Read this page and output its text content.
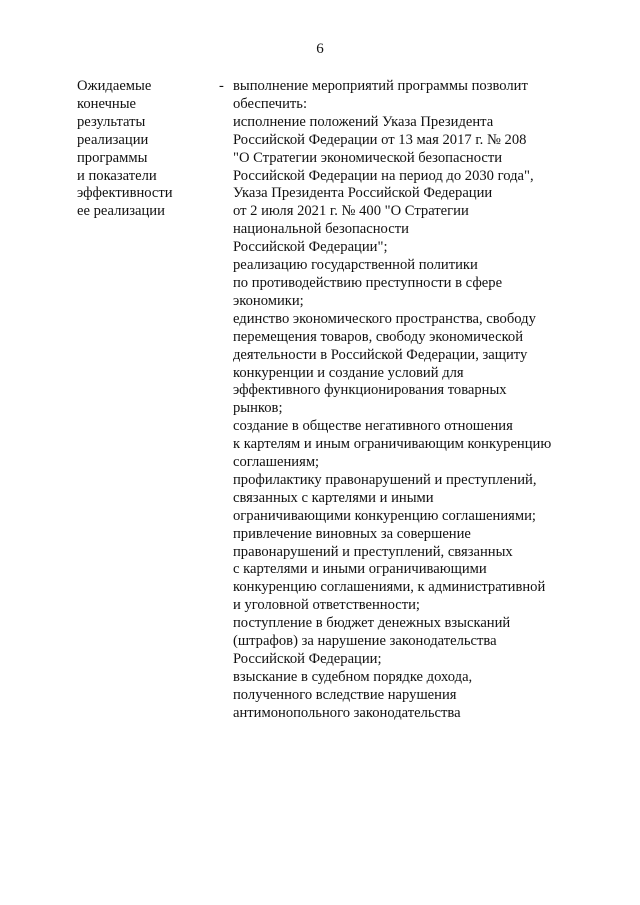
6
Ожидаемые
конечные
результаты
реализации
программы
и показатели
эффективности
ее реализации
- выполнение мероприятий программы позволит
обеспечить:
исполнение положений Указа Президента
Российской Федерации от 13 мая 2017 г. № 208
"О Стратегии экономической безопасности
Российской Федерации на период до 2030 года",
Указа Президента Российской Федерации
от 2 июля 2021 г. № 400 "О Стратегии
национальной безопасности
Российской Федерации";
реализацию государственной политики
по противодействию преступности в сфере
экономики;
единство экономического пространства, свободу
перемещения товаров, свободу экономической
деятельности в Российской Федерации, защиту
конкуренции и создание условий для
эффективного функционирования товарных
рынков;
создание в обществе негативного отношения
к картелям и иным ограничивающим конкуренцию
соглашениям;
профилактику правонарушений и преступлений,
связанных с картелями и иными
ограничивающими конкуренцию соглашениями;
привлечение виновных за совершение
правонарушений и преступлений, связанных
с картелями и иными ограничивающими
конкуренцию соглашениями, к административной
и уголовной ответственности;
поступление в бюджет денежных взысканий
(штрафов) за нарушение законодательства
Российской Федерации;
взыскание в судебном порядке дохода,
полученного вследствие нарушения
антимонопольного законодательства
